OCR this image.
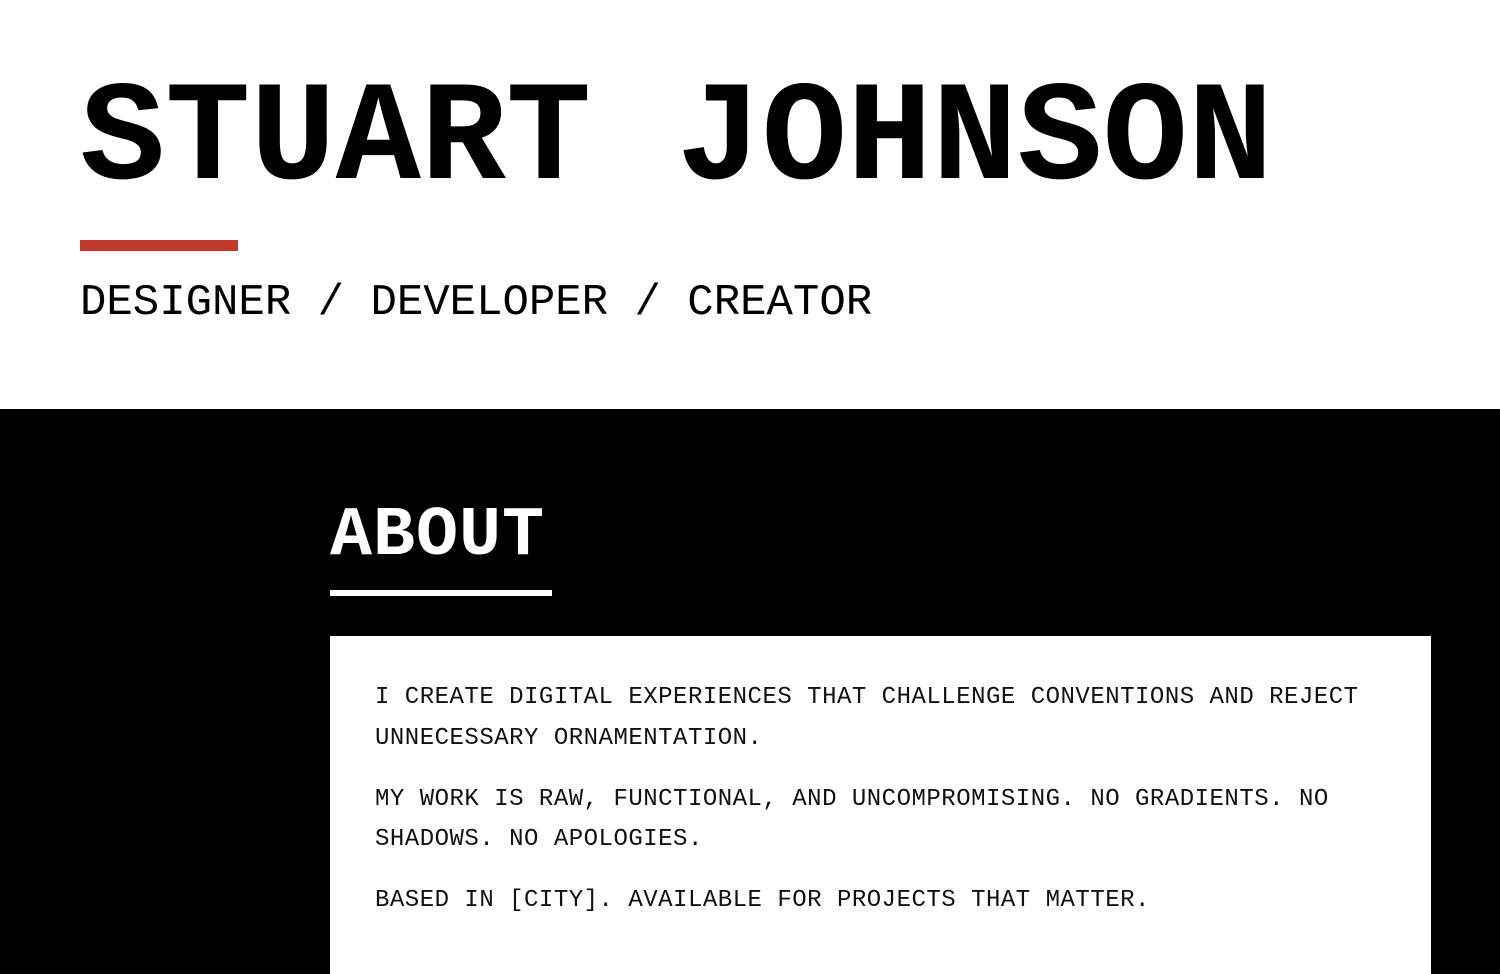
STUART JOHNSON

DESIGNER / DEVELOPER / CREATOR

ABOUT

I CREATE DIGITAL EXPERIENCES THAT CHALLENGE CONVENTIONS AND REJECT UNNECESSARY ORNAMENTATION.

MY WORK IS RAW, FUNCTIONAL, AND UNCOMPROMISING. NO GRADIENTS. NO SHADOWS. NO APOLOGIES.

BASED IN [CITY]. AVAILABLE FOR PROJECTS THAT MATTER.
